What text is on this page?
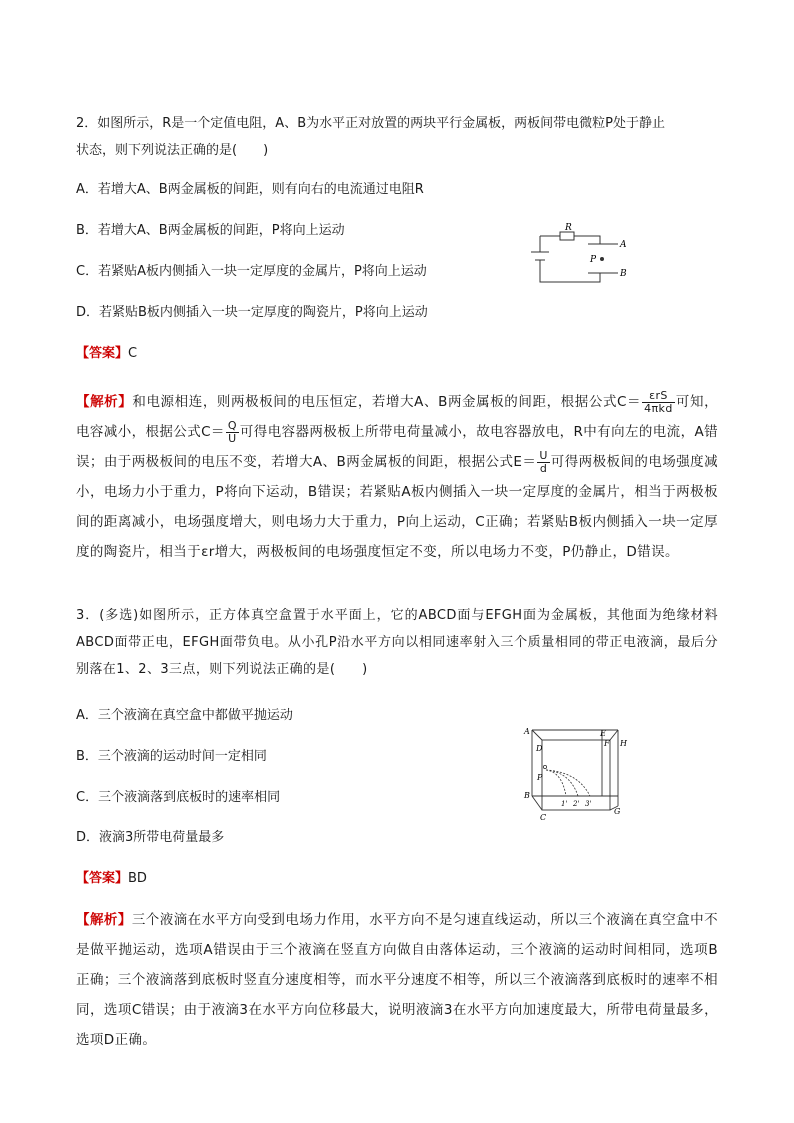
2．如图所示，R是一个定值电阻，A、B为水平正对放置的两块平行金属板，两板间带电微粒P处于静止
状态，则下列说法正确的是(　　)
A．若增大A、B两金属板的间距，则有向右的电流通过电阻R
B．若增大A、B两金属板的间距，P将向上运动
C．若紧贴A板内侧插入一块一定厚度的金属片，P将向上运动
D．若紧贴B板内侧插入一块一定厚度的陶瓷片，P将向上运动
R
A
B
P
【答案】C
【解析】和电源相连，则两极板间的电压恒定，若增大A、B两金属板的间距，根据公式$C= \frac{\text{εrS}}{\text{4πkd}}$ 可知，电容减小，根据公式$C= \frac{Q}{U}$ 可得电容器两极板上所带电荷量减小，故电容器放电，R中有向左的电流，A错误；由于两极板间的电压不变，若增大A、B两金属板的间距，根据公式$E= \frac{U}{d}$ 可得两极板间的电场强度减小，电场力小于重力，P将向下运动，B错误；若紧贴A板内侧插入一块一定厚度的金属片，相当于两极板间的距离减小，电场强度增大，则电场力大于重力，P向上运动，C正确；若紧贴B板内侧插入一块一定厚度的陶瓷片，相当于εr增大，两极板间的电场强度恒定不变，所以电场力不变，P仍静止，D错误。
3．(多选)如图所示，正方体真空盒置于水平面上，它的ABCD面与EFGH面为金属板，其他面为绝缘材料ABCD面带正电，EFGH面带负电。从小孔P沿水平方向以相同速率射入三个质量相同的带正电液滴，最后分别落在1、2、3三点，则下列说法正确的是(　　)
A．三个液滴在真空盒中都做平抛运动
B．三个液滴的运动时间一定相同
C．三个液滴落到底板时的速率相同
D．液滴3所带电荷量最多
A
D
E
H
F
B
C
G
P
1' 2' 3'
【答案】BD
【解析】三个液滴在水平方向受到电场力作用，水平方向不是匀速直线运动，所以三个液滴在真空盒中不是做平抛运动，选项A错误由于三个液滴在竖直方向做自由落体运动，三个液滴的运动时间相同，选项B正确；三个液滴落到底板时竖直分速度相等，而水平分速度不相等，所以三个液滴落到底板时的速率不相同，选项C错误；由于液滴3在水平方向位移最大，说明液滴3在水平方向加速度最大，所带电荷量最多，选项D正确。
